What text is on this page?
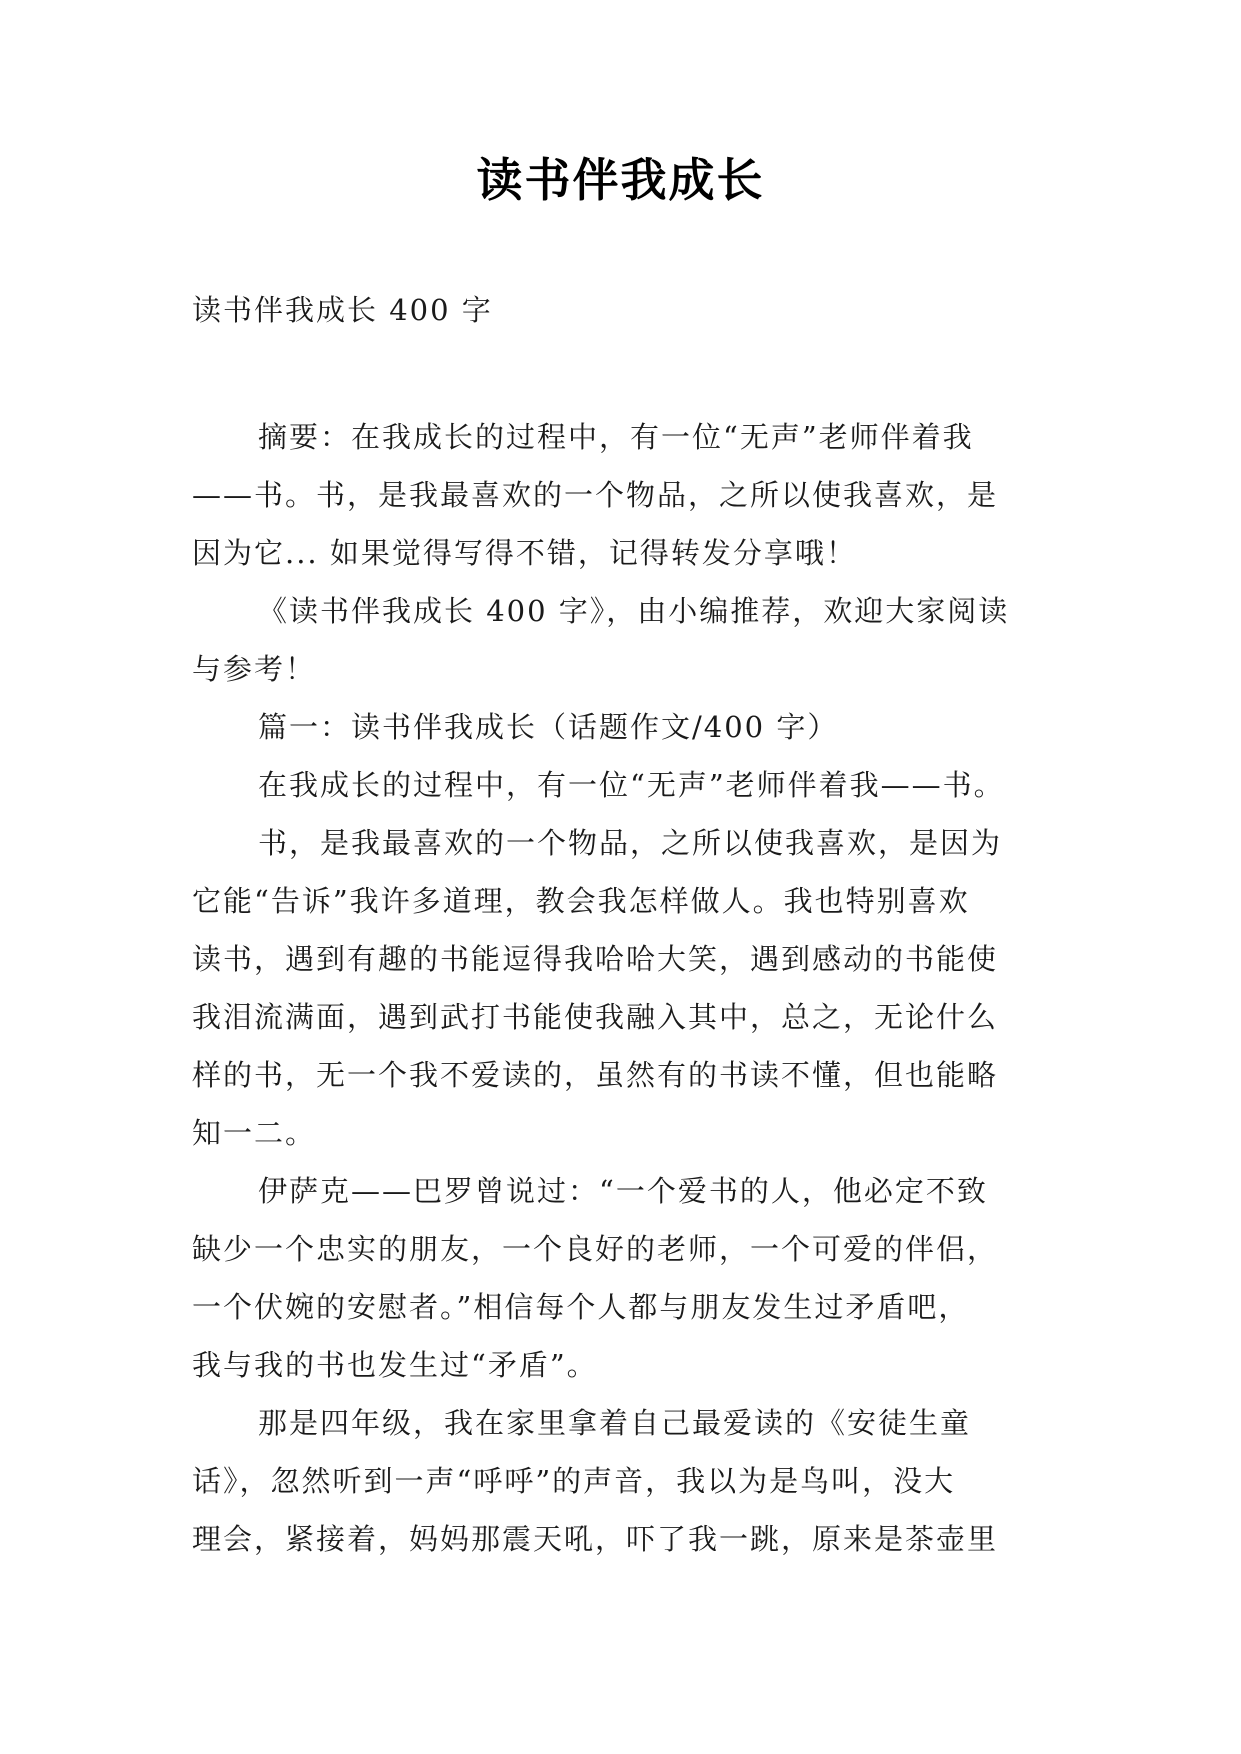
读书伴我成长
读书伴我成长 400 字
摘要：在我成长的过程中，有一位“无声”老师伴着我
——书。书，是我最喜欢的一个物品，之所以使我喜欢，是
因为它... 如果觉得写得不错，记得转发分享哦！
《读书伴我成长 400 字》，由小编推荐，欢迎大家阅读
与参考！
篇一：读书伴我成长（话题作文/400 字）
在我成长的过程中，有一位“无声”老师伴着我——书。
书，是我最喜欢的一个物品，之所以使我喜欢，是因为
它能“告诉”我许多道理，教会我怎样做人。我也特别喜欢
读书，遇到有趣的书能逗得我哈哈大笑，遇到感动的书能使
我泪流满面，遇到武打书能使我融入其中，总之，无论什么
样的书，无一个我不爱读的，虽然有的书读不懂，但也能略
知一二。
伊萨克——巴罗曾说过：“一个爱书的人，他必定不致
缺少一个忠实的朋友，一个良好的老师，一个可爱的伴侣，
一个伏婉的安慰者。”相信每个人都与朋友发生过矛盾吧，
我与我的书也发生过“矛盾”。
那是四年级，我在家里拿着自己最爱读的《安徒生童
话》，忽然听到一声“呼呼”的声音，我以为是鸟叫，没大
理会，紧接着，妈妈那震天吼，吓了我一跳，原来是茶壶里
